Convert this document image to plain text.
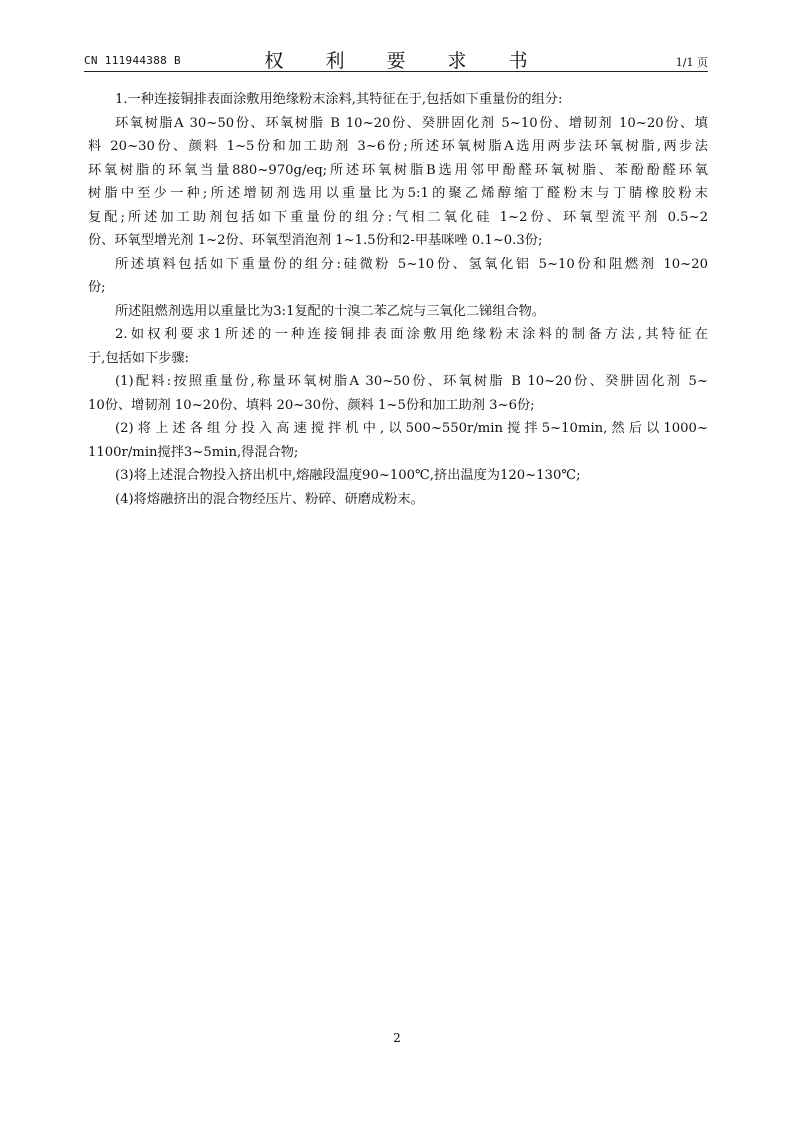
CN 111944388 B	权 利 要 求 书	1/1 页

1.一种连接铜排表面涂敷用绝缘粉末涂料,其特征在于,包括如下重量份的组分:

环氧树脂A 30~50份、环氧树脂 B 10~20份、癸肼固化剂 5~10份、增韧剂 10~20份、填
料 20~30份、颜料 1~5份和加工助剂 3~6份;所述环氧树脂A选用两步法环氧树脂,两步法
环氧树脂的环氧当量880~970g/eq;所述环氧树脂B选用邻甲酚醛环氧树脂、苯酚酚醛环氧
树脂中至少一种;所述增韧剂选用以重量比为5:1的聚乙烯醇缩丁醛粉末与丁腈橡胶粉末
复配;所述加工助剂包括如下重量份的组分:气相二氧化硅 1~2份、环氧型流平剂 0.5~2
份、环氧型增光剂 1~2份、环氧型消泡剂 1~1.5份和2-甲基咪唑 0.1~0.3份;

所述填料包括如下重量份的组分:硅微粉 5~10份、氢氧化铝 5~10份和阻燃剂 10~20
份;

所述阻燃剂选用以重量比为3:1复配的十溴二苯乙烷与三氧化二锑组合物。

2.如权利要求1所述的一种连接铜排表面涂敷用绝缘粉末涂料的制备方法,其特征在
于,包括如下步骤:

(1)配料:按照重量份,称量环氧树脂A 30~50份、环氧树脂 B 10~20份、癸肼固化剂 5~
10份、增韧剂 10~20份、填料 20~30份、颜料 1~5份和加工助剂 3~6份;

(2)将上述各组分投入高速搅拌机中,以500~550r/min搅拌5~10min,然后以1000~
1100r/min搅拌3~5min,得混合物;

(3)将上述混合物投入挤出机中,熔融段温度90~100℃,挤出温度为120~130℃;

(4)将熔融挤出的混合物经压片、粉碎、研磨成粉末。

2
